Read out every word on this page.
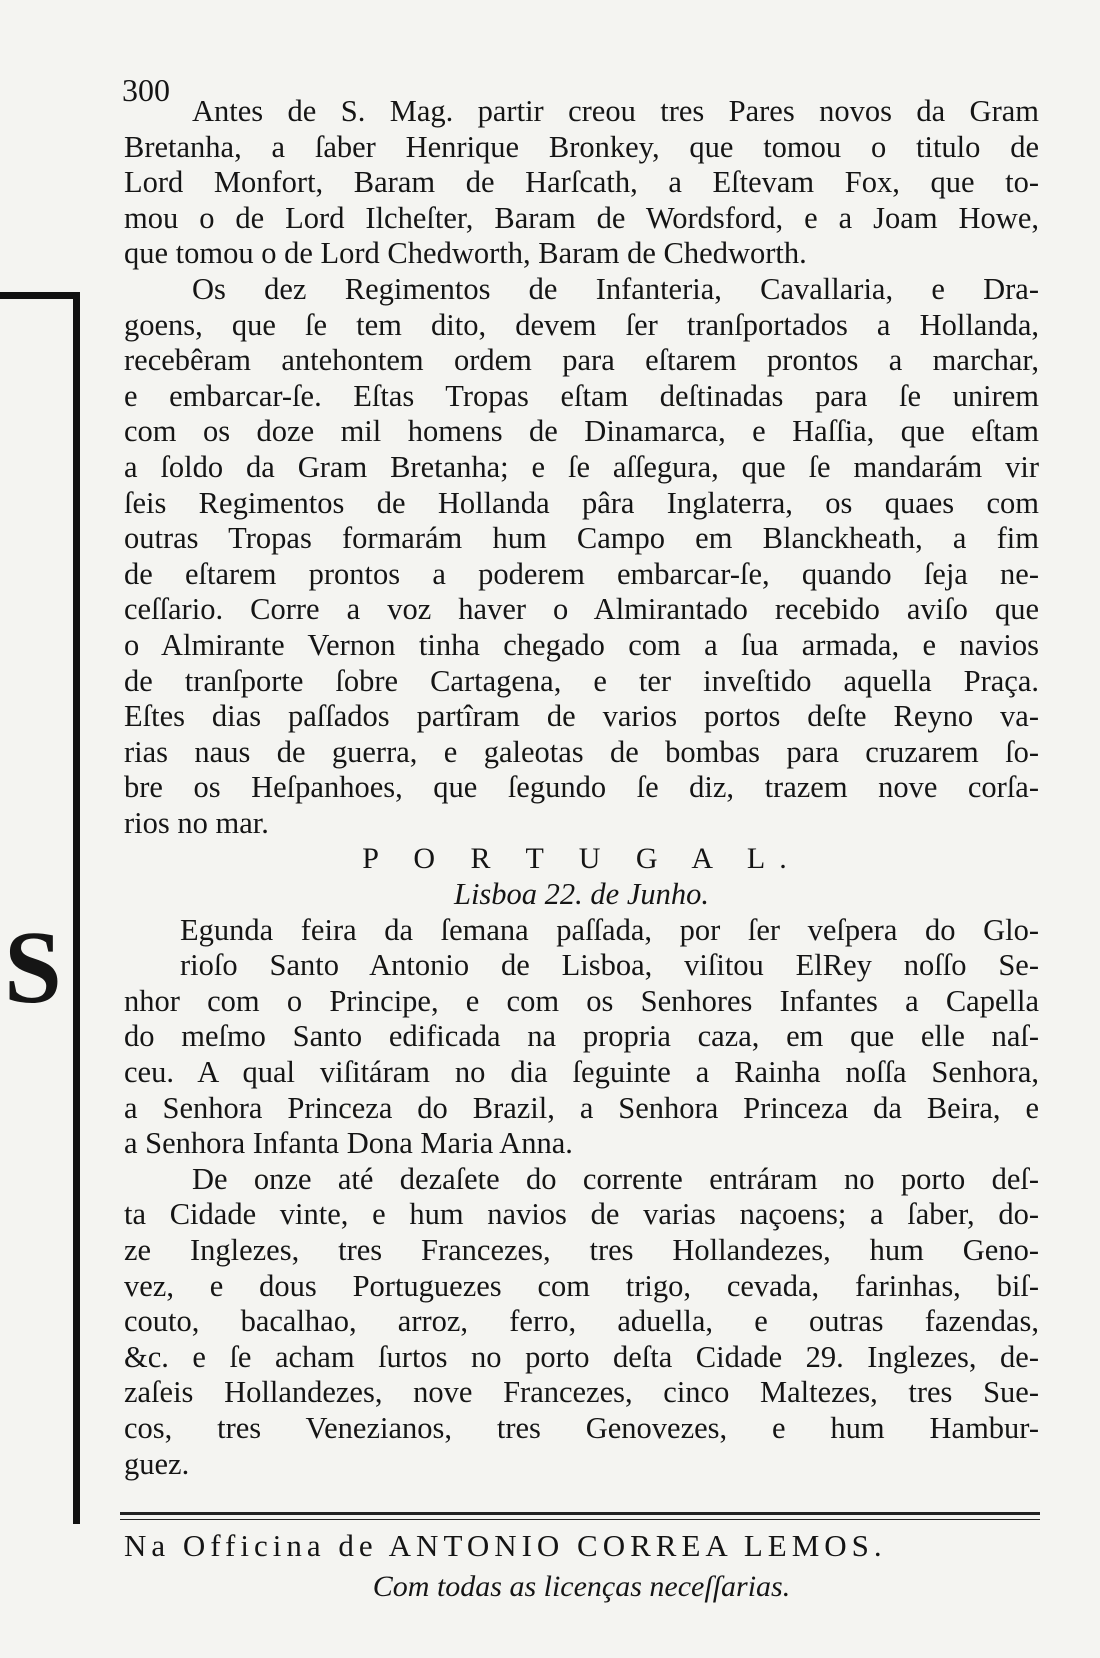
300
S
Antes de S. Mag. partir creou tres Pares novos da Gram
Bretanha, a ſaber Henrique Bronkey, que tomou o titulo de
Lord Monfort, Baram de Harſcath, a Eſtevam Fox, que to-
mou o de Lord Ilcheſter, Baram de Wordsford, e a Joam Howe,
que tomou o de Lord Chedworth, Baram de Chedworth.
Os dez Regimentos de Infanteria, Cavallaria, e Dra-
goens, que ſe tem dito, devem ſer tranſportados a Hollanda,
recebêram antehontem ordem para eſtarem prontos a marchar,
e embarcar-ſe. Eſtas Tropas eſtam deſtinadas para ſe unirem
com os doze mil homens de Dinamarca, e Haſſia, que eſtam
a ſoldo da Gram Bretanha; e ſe aſſegura, que ſe mandarám vir
ſeis Regimentos de Hollanda pâra Inglaterra, os quaes com
outras Tropas formarám hum Campo em Blanckheath, a fim
de eſtarem prontos a poderem embarcar-ſe, quando ſeja ne-
ceſſario. Corre a voz haver o Almirantado recebido aviſo que
o Almirante Vernon tinha chegado com a ſua armada, e navios
de tranſporte ſobre Cartagena, e ter inveſtido aquella Praça.
Eſtes dias paſſados partîram de varios portos deſte Reyno va-
rias naus de guerra, e galeotas de bombas para cruzarem ſo-
bre os Heſpanhoes, que ſegundo ſe diz, trazem nove corſa-
rios no mar.
P O R T U G A L.
Lisboa 22. de Junho.
Egunda feira da ſemana paſſada, por ſer veſpera do Glo-
rioſo Santo Antonio de Lisboa, viſitou ElRey noſſo Se-
nhor com o Principe, e com os Senhores Infantes a Capella
do meſmo Santo edificada na propria caza, em que elle naſ-
ceu. A qual viſitáram no dia ſeguinte a Rainha noſſa Senhora,
a Senhora Princeza do Brazil, a Senhora Princeza da Beira, e
a Senhora Infanta Dona Maria Anna.
De onze até dezaſete do corrente entráram no porto deſ-
ta Cidade vinte, e hum navios de varias naçoens; a ſaber, do-
ze Inglezes, tres Francezes, tres Hollandezes, hum Geno-
vez, e dous Portuguezes com trigo, cevada, farinhas, biſ-
couto, bacalhao, arroz, ferro, aduella, e outras fazendas,
&c. e ſe acham ſurtos no porto deſta Cidade 29. Inglezes, de-
zaſeis Hollandezes, nove Francezes, cinco Maltezes, tres Sue-
cos, tres Venezianos, tres Genovezes, e hum Hambur-
guez.
Na Officina de ANTONIO CORREA LEMOS.
Com todas as licenças neceſſarias.
